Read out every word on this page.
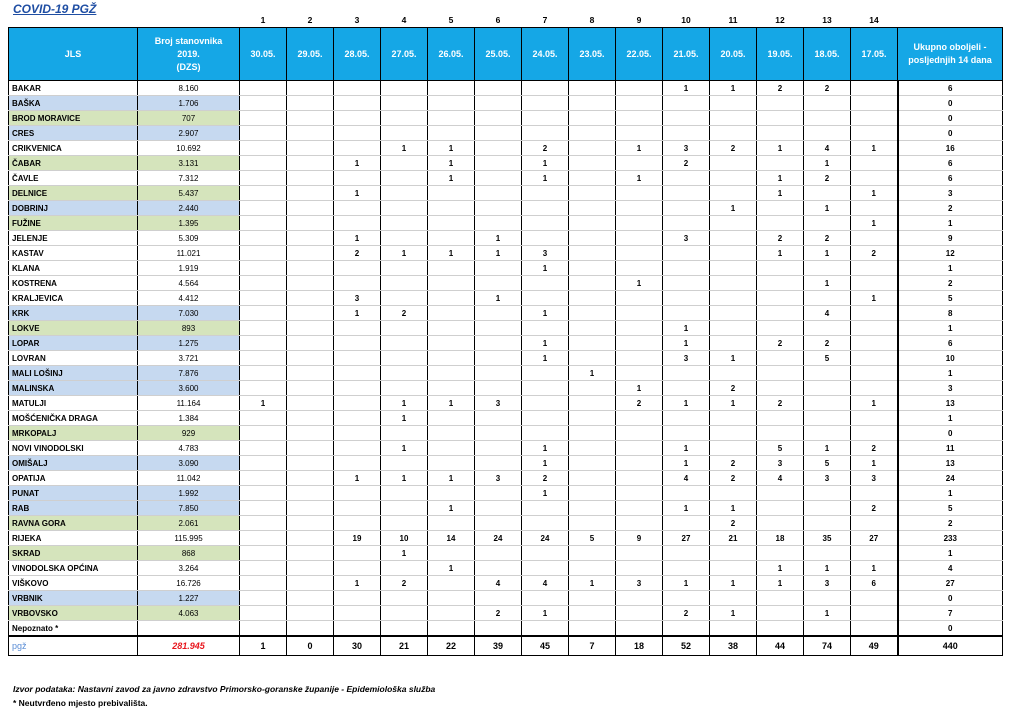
COVID-19 PGŽ
		1	2	3	4	5	6	7	8	9	10	11	12	13	14	
JLS	Broj stanovnika
2019.
(DZS)	30.05.	29.05.	28.05.	27.05.	26.05.	25.05.	24.05.	23.05.	22.05.	21.05.	20.05.	19.05.	18.05.	17.05.	Ukupno oboljeli -
posljednjih 14 dana
BAKAR	8.160										1	1	2	2		6
BAŠKA	1.706															0
BROD MORAVICE	707															0
CRES	2.907															0
CRIKVENICA	10.692				1	1		2		1	3	2	1	4	1	16
ČABAR	3.131			1		1		1			2			1		6
ČAVLE	7.312					1		1		1			1	2		6
DELNICE	5.437			1									1		1	3
DOBRINJ	2.440											1		1		2
FUŽINE	1.395														1	1
JELENJE	5.309			1			1				3		2	2		9
KASTAV	11.021			2	1	1	1	3					1	1	2	12
KLANA	1.919							1								1
KOSTRENA	4.564									1				1		2
KRALJEVICA	4.412			3			1								1	5
KRK	7.030			1	2			1						4		8
LOKVE	893										1					1
LOPAR	1.275							1			1		2	2		6
LOVRAN	3.721							1			3	1		5		10
MALI LOŠINJ	7.876								1							1
MALINSKA	3.600									1		2				3
MATULJI	11.164	1			1	1	3			2	1	1	2		1	13
MOŠĆENIČKA DRAGA	1.384				1											1
MRKOPALJ	929															0
NOVI VINODOLSKI	4.783				1			1			1		5	1	2	11
OMIŠALJ	3.090							1			1	2	3	5	1	13
OPATIJA	11.042			1	1	1	3	2			4	2	4	3	3	24
PUNAT	1.992							1								1
RAB	7.850					1					1	1			2	5
RAVNA GORA	2.061											2				2
RIJEKA	115.995			19	10	14	24	24	5	9	27	21	18	35	27	233
SKRAD	868				1											1
VINODOLSKA OPĆINA	3.264					1							1	1	1	4
VIŠKOVO	16.726			1	2		4	4	1	3	1	1	1	3	6	27
VRBNIK	1.227															0
VRBOVSKO	4.063						2	1			2	1		1		7
Nepoznato *																0
pgž	281.945	1	0	30	21	22	39	45	7	18	52	38	44	74	49	440
Izvor podataka: Nastavni zavod za javno zdravstvo Primorsko-goranske županije - Epidemiološka služba
* Neutvrđeno mjesto prebivališta.
